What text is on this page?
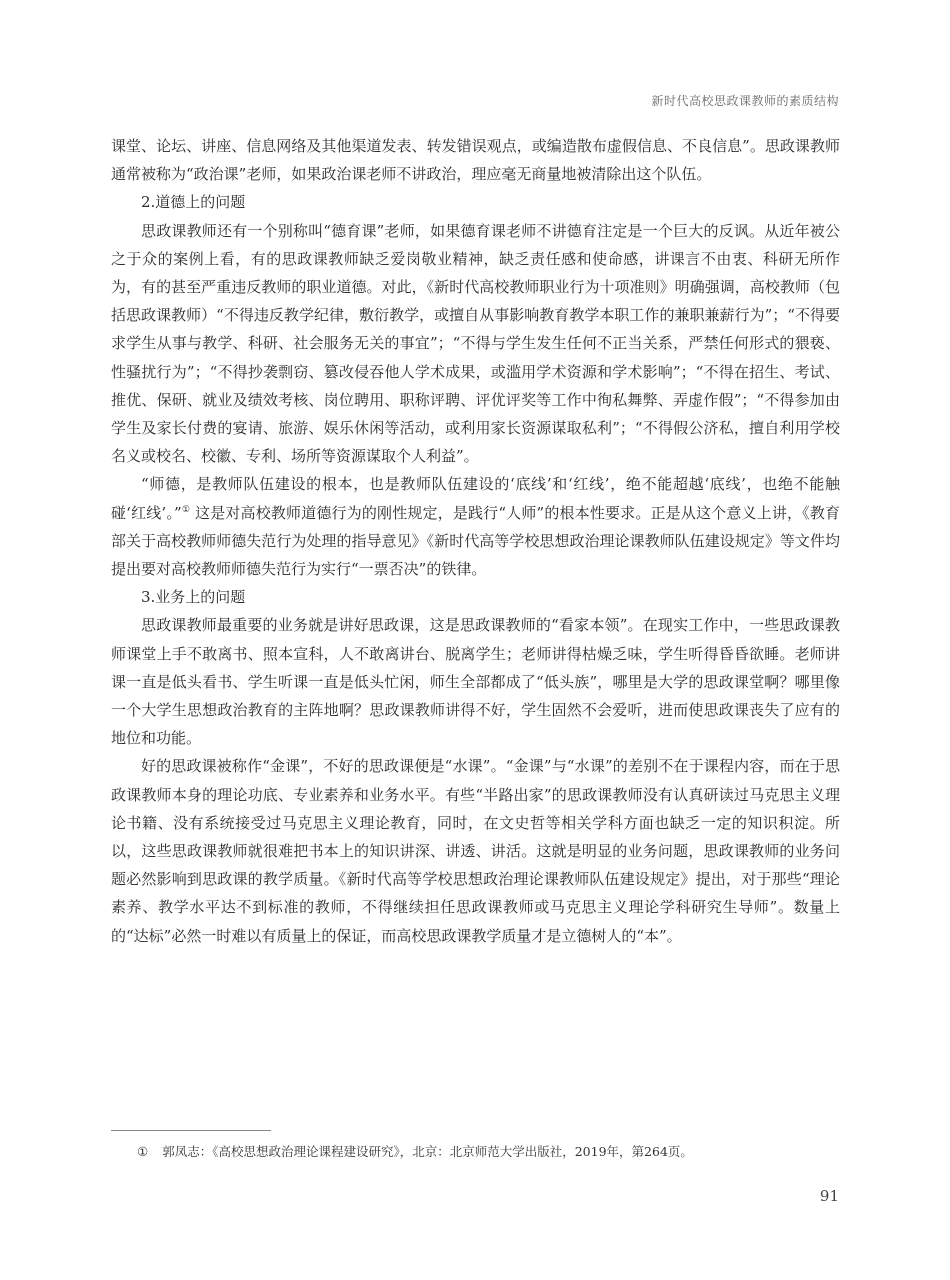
新时代高校思政课教师的素质结构

课堂、论坛、讲座、信息网络及其他渠道发表、转发错误观点，或编造散布虚假信息、不良信息”。思政课教师通常被称为“政治课”老师，如果政治课老师不讲政治，理应毫无商量地被清除出这个队伍。

2.道德上的问题

思政课教师还有一个别称叫“德育课”老师，如果德育课老师不讲德育注定是一个巨大的反讽。从近年被公之于众的案例上看，有的思政课教师缺乏爱岗敬业精神，缺乏责任感和使命感，讲课言不由衷、科研无所作为，有的甚至严重违反教师的职业道德。对此，《新时代高校教师职业行为十项准则》明确强调，高校教师（包括思政课教师）“不得违反教学纪律，敷衍教学，或擅自从事影响教育教学本职工作的兼职兼薪行为”；“不得要求学生从事与教学、科研、社会服务无关的事宜”；“不得与学生发生任何不正当关系，严禁任何形式的猥亵、性骚扰行为”；“不得抄袭剽窃、篡改侵吞他人学术成果，或滥用学术资源和学术影响”；“不得在招生、考试、推优、保研、就业及绩效考核、岗位聘用、职称评聘、评优评奖等工作中徇私舞弊、弄虚作假”；“不得参加由学生及家长付费的宴请、旅游、娱乐休闲等活动，或利用家长资源谋取私利”；“不得假公济私，擅自利用学校名义或校名、校徽、专利、场所等资源谋取个人利益”。

“师德，是教师队伍建设的根本，也是教师队伍建设的‘底线’和‘红线’，绝不能超越‘底线’，也绝不能触碰‘红线’。”① 这是对高校教师道德行为的刚性规定，是践行“人师”的根本性要求。正是从这个意义上讲，《教育部关于高校教师师德失范行为处理的指导意见》《新时代高等学校思想政治理论课教师队伍建设规定》等文件均提出要对高校教师师德失范行为实行“一票否决”的铁律。

3.业务上的问题

思政课教师最重要的业务就是讲好思政课，这是思政课教师的“看家本领”。在现实工作中，一些思政课教师课堂上手不敢离书、照本宣科，人不敢离讲台、脱离学生；老师讲得枯燥乏味，学生听得昏昏欲睡。老师讲课一直是低头看书、学生听课一直是低头忙闲，师生全部都成了“低头族”，哪里是大学的思政课堂啊？哪里像一个大学生思想政治教育的主阵地啊？思政课教师讲得不好，学生固然不会爱听，进而使思政课丧失了应有的地位和功能。

好的思政课被称作“金课”，不好的思政课便是“水课”。“金课”与“水课”的差别不在于课程内容，而在于思政课教师本身的理论功底、专业素养和业务水平。有些“半路出家”的思政课教师没有认真研读过马克思主义理论书籍、没有系统接受过马克思主义理论教育，同时，在文史哲等相关学科方面也缺乏一定的知识积淀。所以，这些思政课教师就很难把书本上的知识讲深、讲透、讲活。这就是明显的业务问题，思政课教师的业务问题必然影响到思政课的教学质量。《新时代高等学校思想政治理论课教师队伍建设规定》提出，对于那些“理论素养、教学水平达不到标准的教师，不得继续担任思政课教师或马克思主义理论学科研究生导师”。数量上的“达标”必然一时难以有质量上的保证，而高校思政课教学质量才是立德树人的“本”。

① 郭凤志：《高校思想政治理论课程建设研究》，北京：北京师范大学出版社，2019年，第264页。
91
